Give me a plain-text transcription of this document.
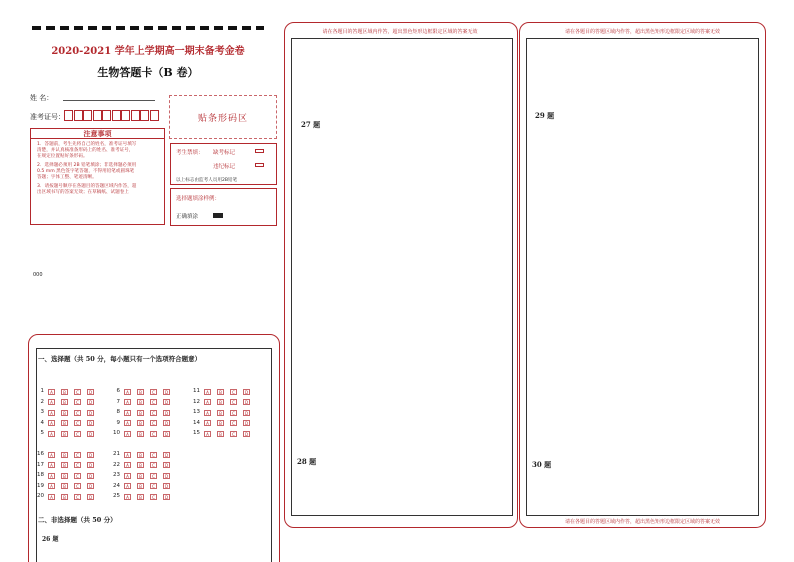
2020-2021 学年上学期高一期末备考金卷
生物答题卡（B 卷）
姓 名：
准考证号：	贴条形码区
注意事项
1．答题前，考生先将自己的姓名，准考证号填写
清楚，并认真核准条形码上的姓名、准考证号，
在规定位置贴好条形码。
2．选择题必须用 2B 铅笔填涂；非选择题必须用
0.5 mm 黑色签字笔答题，不得用铅笔或圆珠笔
答题；字体工整、笔迹清晰。
3．请按题号顺序在各题目的答题区域内作答，超
出区域书写的答案无效；在草稿纸、试题卷上
考生禁填： 缺考标记
违纪标记
以上标志由监考人员用2B铅笔
选择题填涂样例：
正确填涂
000
一、选择题（共 50 分，每小题只有一个选项符合题意）
1	A	B	C	D
2	A	B	C	D
3	A	B	C	D
4	A	B	C	D
5	A	B	C	D
6	A	B	C	D
7	A	B	C	D
8	A	B	C	D
9	A	B	C	D
10	A	B	C	D
11	A	B	C	D
12	A	B	C	D
13	A	B	C	D
14	A	B	C	D
15	A	B	C	D
16	A	B	C	D
17	A	B	C	D
18	A	B	C	D
19	A	B	C	D
20	A	B	C	D
21	A	B	C	D
22	A	B	C	D
23	A	B	C	D
24	A	B	C	D
25	A	B	C	D
二、非选择题（共 50 分）
26 题
请在各题目的答题区域内作答，超出黑色矩形边框限定区域的答案无效
27 题
28 题
请在各题目的答题区域内作答，超出黑色矩形边框限定区域的答案无效
29 题
30 题
请在各题目的答题区域内作答，超出黑色矩形边框限定区域的答案无效
